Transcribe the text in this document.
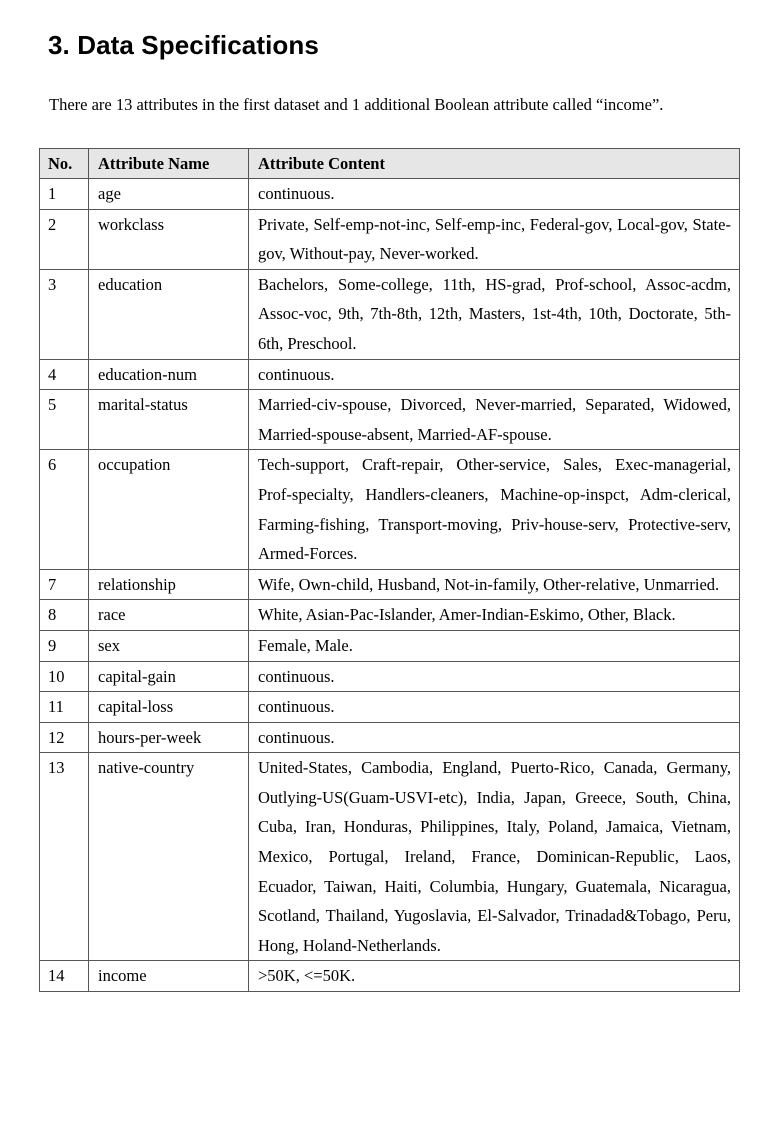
3. Data Specifications

There are 13 attributes in the first dataset and 1 additional Boolean attribute called “income”.

No.	Attribute Name	Attribute Content
1	age	continuous.
2	workclass	Private, Self-emp-not-inc, Self-emp-inc, Federal-gov, Local-gov, State-gov, Without-pay, Never-worked.
3	education	Bachelors, Some-college, 11th, HS-grad, Prof-school, Assoc-acdm, Assoc-voc, 9th, 7th-8th, 12th, Masters, 1st-4th, 10th, Doctorate, 5th-6th, Preschool.
4	education-num	continuous.
5	marital-status	Married-civ-spouse, Divorced, Never-married, Separated, Widowed, Married-spouse-absent, Married-AF-spouse.
6	occupation	Tech-support, Craft-repair, Other-service, Sales, Exec-managerial, Prof-specialty, Handlers-cleaners, Machine-op-inspct, Adm-clerical, Farming-fishing, Transport-moving, Priv-house-serv, Protective-serv, Armed-Forces.
7	relationship	Wife, Own-child, Husband, Not-in-family, Other-relative, Unmarried.
8	race	White, Asian-Pac-Islander, Amer-Indian-Eskimo, Other, Black.
9	sex	Female, Male.
10	capital-gain	continuous.
11	capital-loss	continuous.
12	hours-per-week	continuous.
13	native-country	United-States, Cambodia, England, Puerto-Rico, Canada, Germany, Outlying-US(Guam-USVI-etc), India, Japan, Greece, South, China, Cuba, Iran, Honduras, Philippines, Italy, Poland, Jamaica, Vietnam, Mexico, Portugal, Ireland, France, Dominican-Republic, Laos, Ecuador, Taiwan, Haiti, Columbia, Hungary, Guatemala, Nicaragua, Scotland, Thailand, Yugoslavia, El-Salvador, Trinadad&Tobago, Peru, Hong, Holand-Netherlands.
14	income	>50K, <=50K.
